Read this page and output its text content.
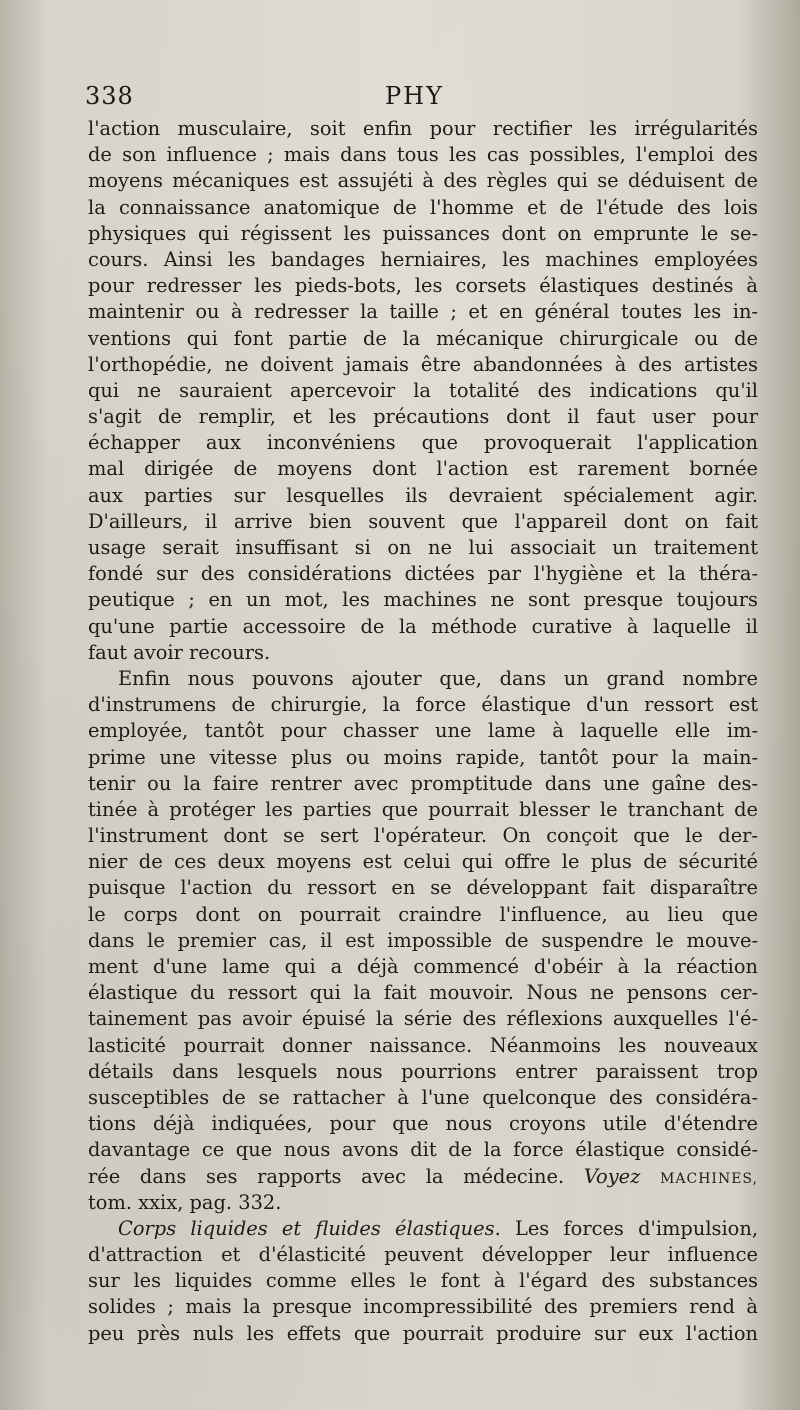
338	PHY
l'action musculaire, soit enfin pour rectifier les irrégularités
de son influence ; mais dans tous les cas possibles, l'emploi des
moyens mécaniques est assujéti à des règles qui se déduisent de
la connaissance anatomique de l'homme et de l'étude des lois
physiques qui régissent les puissances dont on emprunte le se-
cours. Ainsi les bandages herniaires, les machines employées
pour redresser les pieds-bots, les corsets élastiques destinés à
maintenir ou à redresser la taille ; et en général toutes les in-
ventions qui font partie de la mécanique chirurgicale ou de
l'orthopédie, ne doivent jamais être abandonnées à des artistes
qui ne sauraient apercevoir la totalité des indications qu'il
s'agit de remplir, et les précautions dont il faut user pour
échapper aux inconvéniens que provoquerait l'application
mal dirigée de moyens dont l'action est rarement bornée
aux parties sur lesquelles ils devraient spécialement agir.
D'ailleurs, il arrive bien souvent que l'appareil dont on fait
usage serait insuffisant si on ne lui associait un traitement
fondé sur des considérations dictées par l'hygiène et la théra-
peutique ; en un mot, les machines ne sont presque toujours
qu'une partie accessoire de la méthode curative à laquelle il
faut avoir recours.
Enfin nous pouvons ajouter que, dans un grand nombre
d'instrumens de chirurgie, la force élastique d'un ressort est
employée, tantôt pour chasser une lame à laquelle elle im-
prime une vitesse plus ou moins rapide, tantôt pour la main-
tenir ou la faire rentrer avec promptitude dans une gaîne des-
tinée à protéger les parties que pourrait blesser le tranchant de
l'instrument dont se sert l'opérateur. On conçoit que le der-
nier de ces deux moyens est celui qui offre le plus de sécurité
puisque l'action du ressort en se développant fait disparaître
le corps dont on pourrait craindre l'influence, au lieu que
dans le premier cas, il est impossible de suspendre le mouve-
ment d'une lame qui a déjà commencé d'obéir à la réaction
élastique du ressort qui la fait mouvoir. Nous ne pensons cer-
tainement pas avoir épuisé la série des réflexions auxquelles l'é-
lasticité pourrait donner naissance. Néanmoins les nouveaux
détails dans lesquels nous pourrions entrer paraissent trop
susceptibles de se rattacher à l'une quelconque des considéra-
tions déjà indiquées, pour que nous croyons utile d'étendre
davantage ce que nous avons dit de la force élastique considé-
rée dans ses rapports avec la médecine. Voyez MACHINES,
tom. xxix, pag. 332.
Corps liquides et fluides élastiques. Les forces d'impulsion,
d'attraction et d'élasticité peuvent développer leur influence
sur les liquides comme elles le font à l'égard des substances
solides ; mais la presque incompressibilité des premiers rend à
peu près nuls les effets que pourrait produire sur eux l'action
